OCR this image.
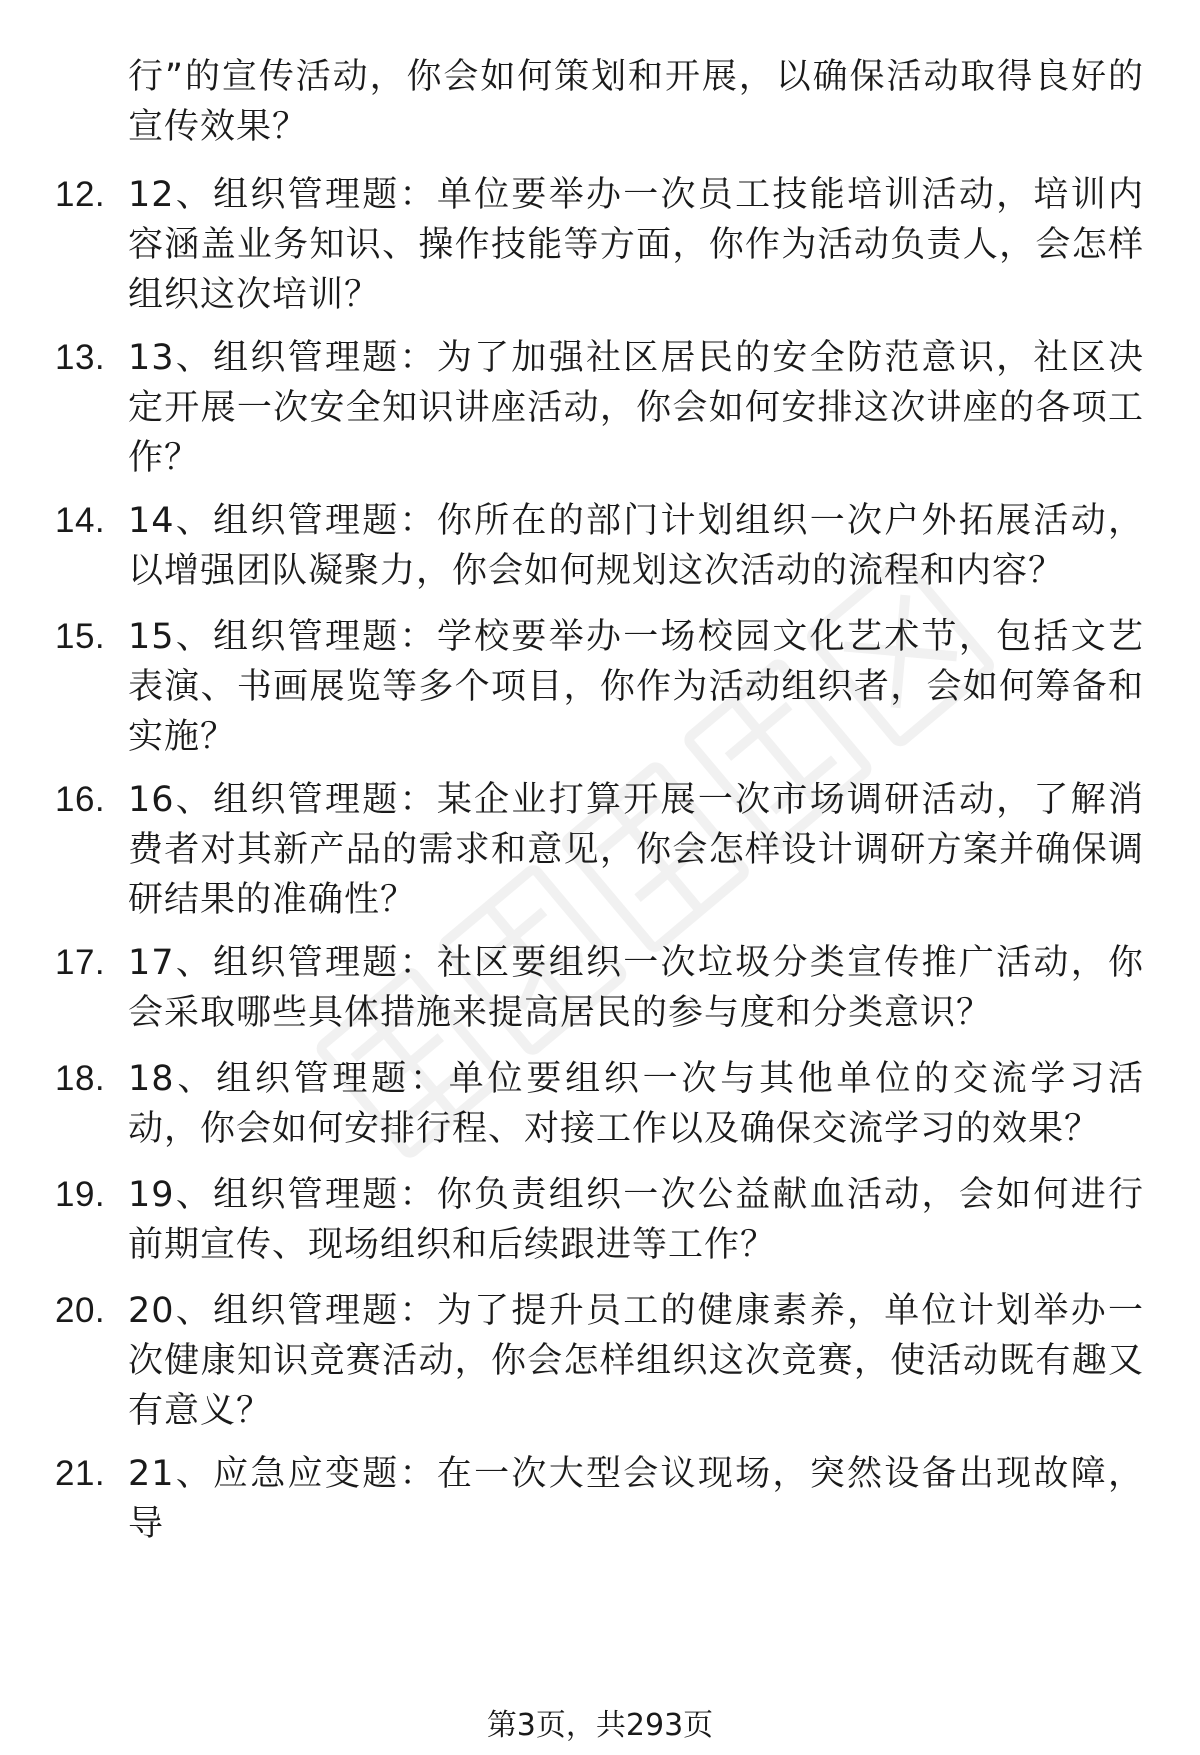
行”的宣传活动，你会如何策划和开展，以确保活动取得良好的宣传效果？
12. 12、组织管理题：单位要举办一次员工技能培训活动，培训内容涵盖业务知识、操作技能等方面，你作为活动负责人，会怎样组织这次培训？
13. 13、组织管理题：为了加强社区居民的安全防范意识，社区决定开展一次安全知识讲座活动，你会如何安排这次讲座的各项工作？
14. 14、组织管理题：你所在的部门计划组织一次户外拓展活动，以增强团队凝聚力，你会如何规划这次活动的流程和内容？
15. 15、组织管理题：学校要举办一场校园文化艺术节，包括文艺表演、书画展览等多个项目，你作为活动组织者，会如何筹备和实施？
16. 16、组织管理题：某企业打算开展一次市场调研活动，了解消费者对其新产品的需求和意见，你会怎样设计调研方案并确保调研结果的准确性？
17. 17、组织管理题：社区要组织一次垃圾分类宣传推广活动，你会采取哪些具体措施来提高居民的参与度和分类意识？
18. 18、组织管理题：单位要组织一次与其他单位的交流学习活动，你会如何安排行程、对接工作以及确保交流学习的效果？
19. 19、组织管理题：你负责组织一次公益献血活动，会如何进行前期宣传、现场组织和后续跟进等工作？
20. 20、组织管理题：为了提升员工的健康素养，单位计划举办一次健康知识竞赛活动，你会怎样组织这次竞赛，使活动既有趣又有意义？
21. 21、应急应变题：在一次大型会议现场，突然设备出现故障，导
第3页，共293页
